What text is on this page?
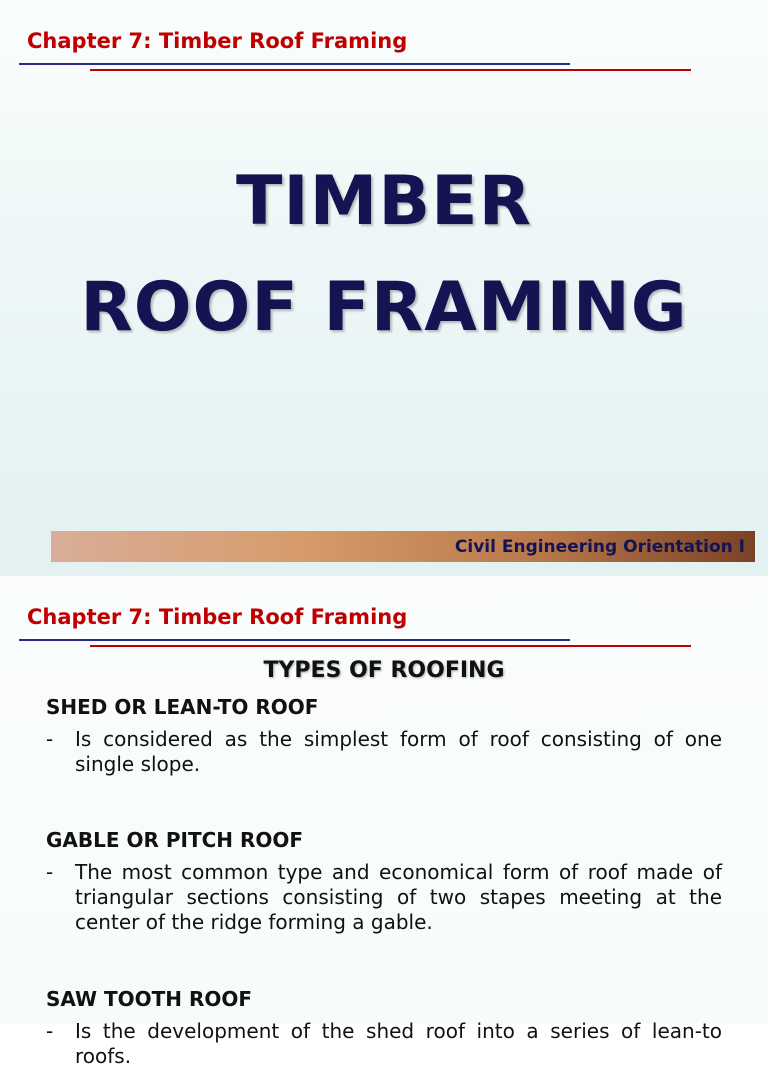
Chapter 7: Timber Roof Framing
TIMBER
ROOF FRAMING
Civil Engineering Orientation I
Chapter 7: Timber Roof Framing
TYPES OF ROOFING
SHED OR LEAN-TO ROOF
- Is considered as the simplest form of roof consisting of one single slope.
GABLE OR PITCH ROOF
- The most common type and economical form of roof made of triangular sections consisting of two stapes meeting at the center of the ridge forming a gable.
SAW TOOTH ROOF
- Is the development of the shed roof into a series of lean-to roofs.
